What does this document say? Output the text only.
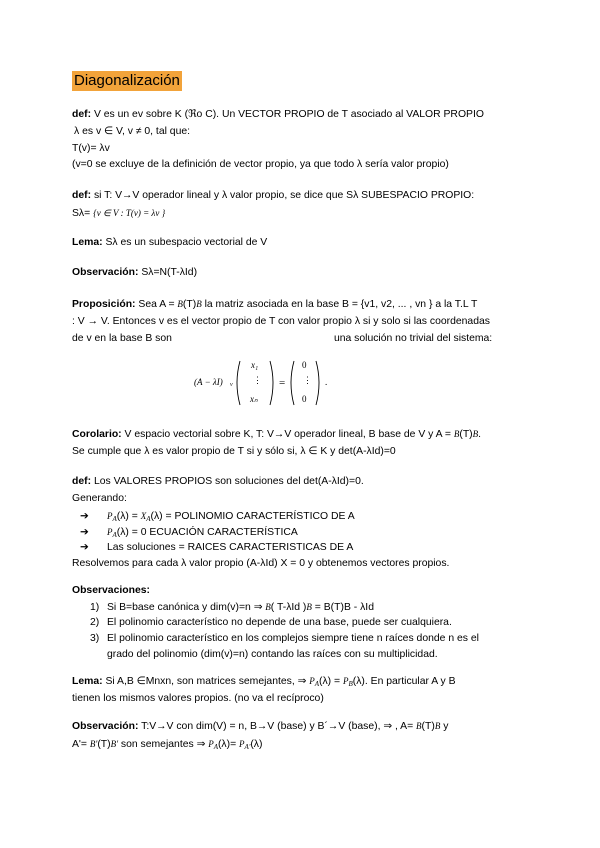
Diagonalización
def: V es un ev sobre K (ℜo C). Un VECTOR PROPIO de T asociado al VALOR PROPIO
λ es v ∈ V, v ≠ 0, tal que:
T(v)= λv
(v=0 se excluye de la definición de vector propio, ya que todo λ sería valor propio)
def: si T: V→V operador lineal y λ valor propio, se dice que Sλ SUBESPACIO PROPIO:
Sλ= {v ∈ V : T(v) = λv }
Lema: Sλ es un subespacio vectorial de V
Observación: Sλ=N(T-λId)
Proposición: Sea A = B(T)B la matriz asociada en la base B = {v1, v2, ... , vn } a la T.L T
: V → V. Entonces v es el vector propio de T con valor propio λ si y solo si las coordenadas
de v en la base B son	una solución no trivial del sistema:
(A − λI) v
x₁
⋮
xₙ
=
0
⋮
0
.
Corolario: V espacio vectorial sobre K, T: V→V operador lineal, B base de V y A = B(T)B.
Se cumple que λ es valor propio de T si y sólo si, λ ∈ K y det(A-λId)=0
def: Los VALORES PROPIOS son soluciones del det(A-λId)=0.
Generando:
➔ PA(λ) = XA(λ) = POLINOMIO CARACTERÍSTICO DE A
➔ PA(λ) = 0 ECUACIÓN CARACTERÍSTICA
➔ Las soluciones = RAICES CARACTERISTICAS DE A
Resolvemos para cada λ valor propio (A-λId) X = 0 y obtenemos vectores propios.
Observaciones:
1) Si B=base canónica y dim(v)=n ⇒ B( T-λId )B = B(T)B - λId
2) El polinomio característico no depende de una base, puede ser cualquiera.
3) El polinomio característico en los complejos siempre tiene n raíces donde n es el
grado del polinomio (dim(v)=n) contando las raíces con su multiplicidad.
Lema: Si A,B ∈Mnxn, son matrices semejantes, ⇒ PA(λ) = PB(λ). En particular A y B
tienen los mismos valores propios. (no va el recíproco)
Observación: T:V→V con dim(V) = n, B→V (base) y B´→V (base), ⇒ , A= B(T)B y
A'= B'(T)B' son semejantes ⇒ PA(λ)= PA'(λ)
